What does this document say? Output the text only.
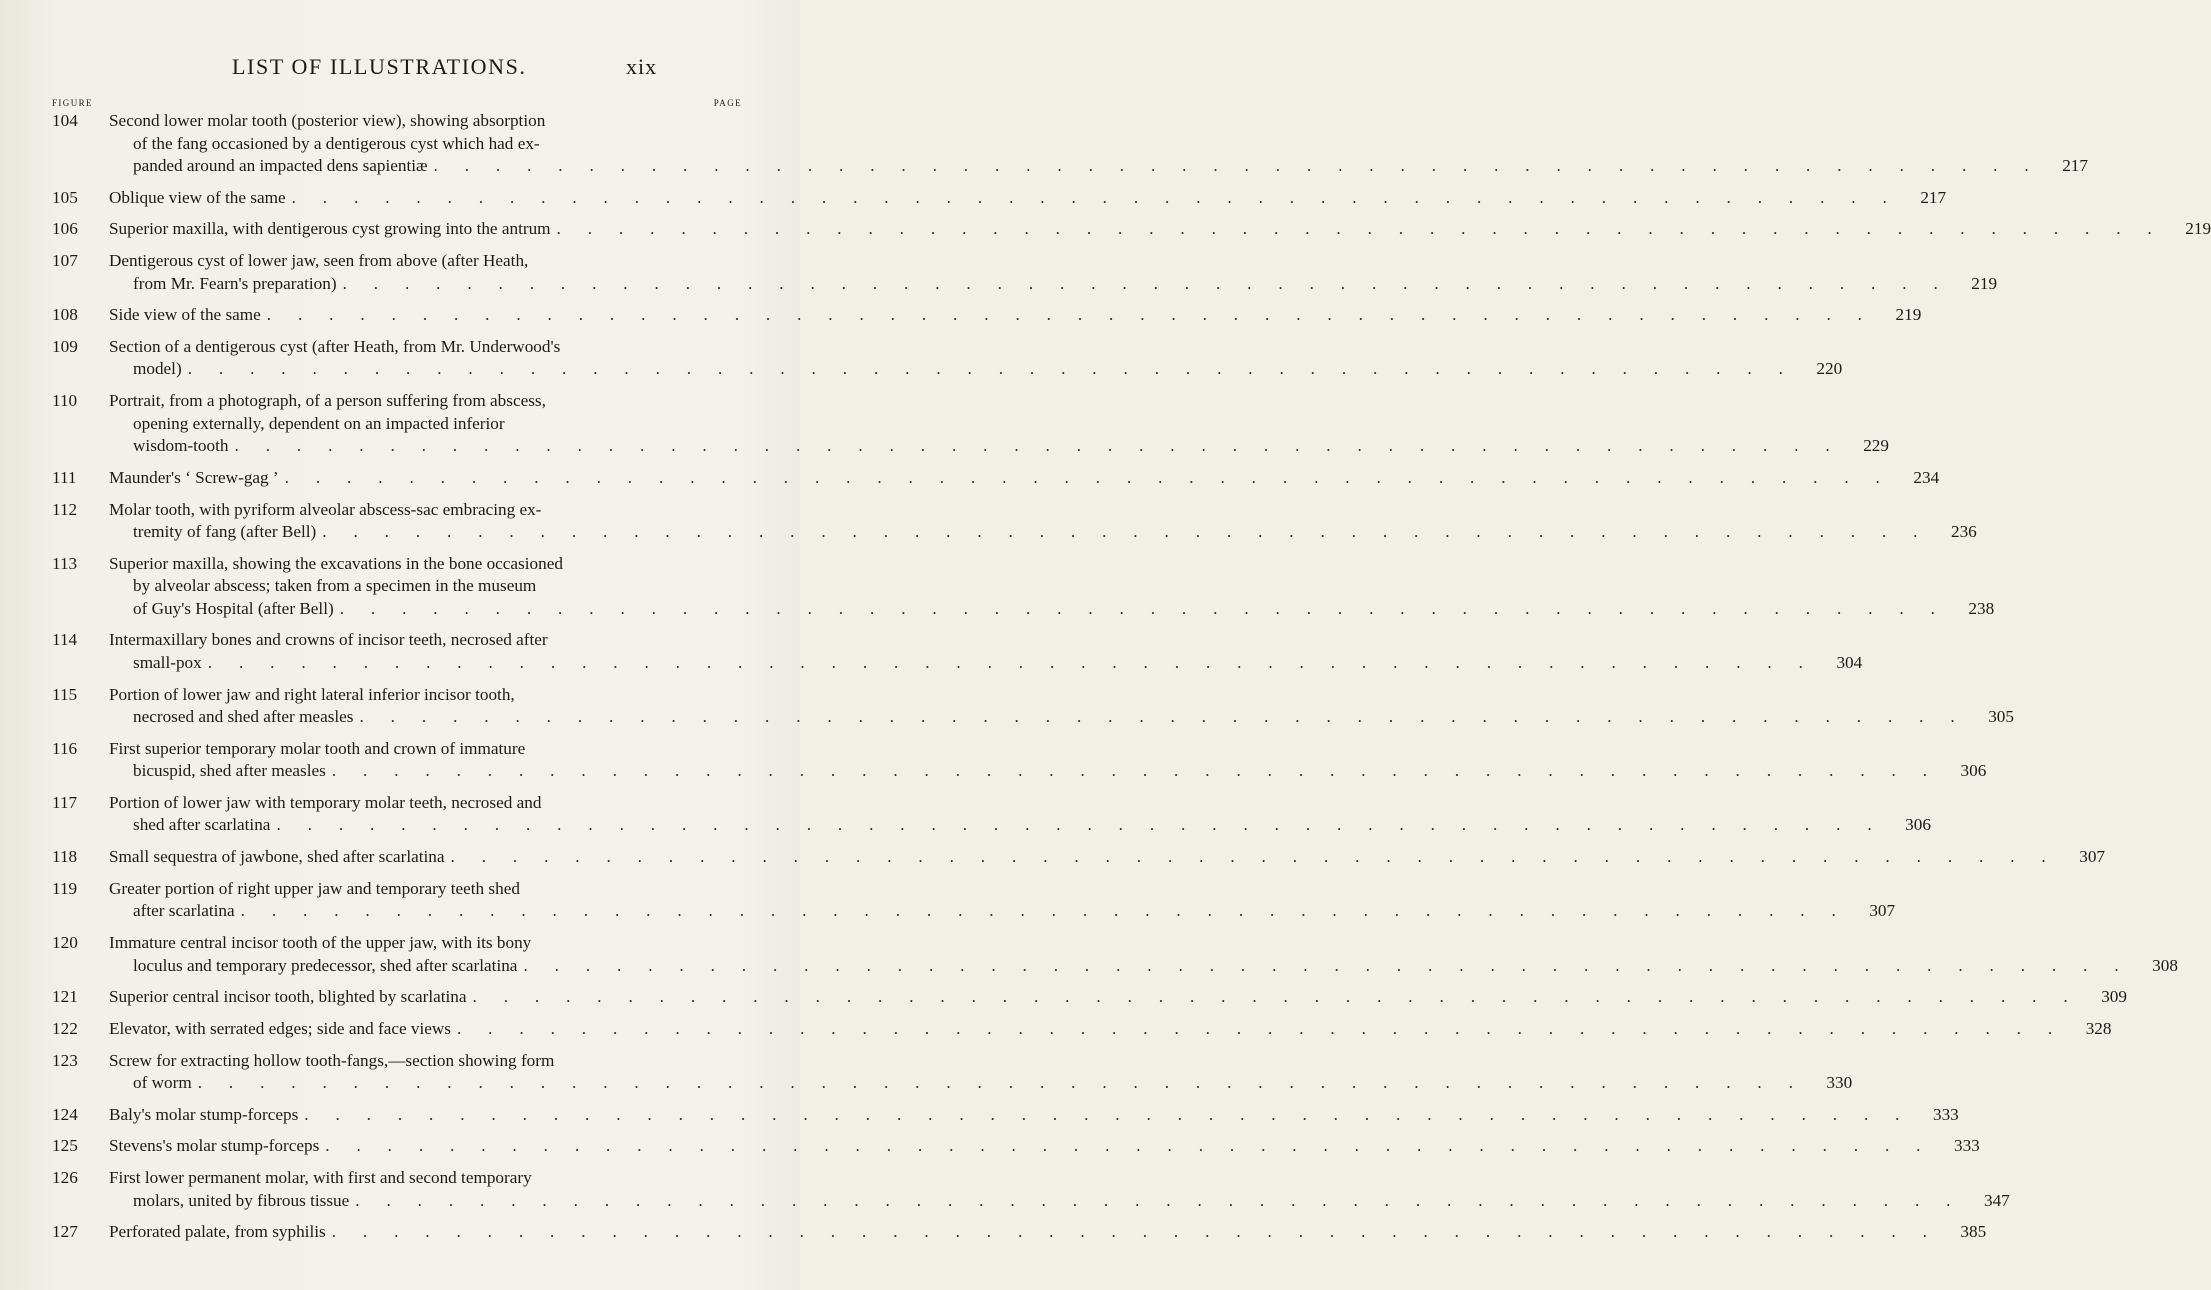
LIST OF ILLUSTRATIONS.	xix
FIGURE	PAGE
104	Second lower molar tooth (posterior view), showing absorption
of the fang occasioned by a dentigerous cyst which had ex-
panded around an impacted dens sapientiæ . . .	217
105	Oblique view of the same . . .	217
106	Superior maxilla, with dentigerous cyst growing into the antrum . . .	219
107	Dentigerous cyst of lower jaw, seen from above (after Heath,
from Mr. Fearn's preparation) . . .	219
108	Side view of the same . . .	219
109	Section of a dentigerous cyst (after Heath, from Mr. Underwood's
model) . . .	220
110	Portrait, from a photograph, of a person suffering from abscess,
opening externally, dependent on an impacted inferior
wisdom-tooth . . .	229
111	Maunder's ‘ Screw-gag ’ . . .	234
112	Molar tooth, with pyriform alveolar abscess-sac embracing ex-
tremity of fang (after Bell) . . .	236
113	Superior maxilla, showing the excavations in the bone occasioned
by alveolar abscess; taken from a specimen in the museum
of Guy's Hospital (after Bell) . . .	238
114	Intermaxillary bones and crowns of incisor teeth, necrosed after
small-pox . . .	304
115	Portion of lower jaw and right lateral inferior incisor tooth,
necrosed and shed after measles . . .	305
116	First superior temporary molar tooth and crown of immature
bicuspid, shed after measles . . .	306
117	Portion of lower jaw with temporary molar teeth, necrosed and
shed after scarlatina . . .	306
118	Small sequestra of jawbone, shed after scarlatina . . .	307
119	Greater portion of right upper jaw and temporary teeth shed
after scarlatina . . .	307
120	Immature central incisor tooth of the upper jaw, with its bony
loculus and temporary predecessor, shed after scarlatina . . .	308
121	Superior central incisor tooth, blighted by scarlatina . . .	309
122	Elevator, with serrated edges; side and face views . . .	328
123	Screw for extracting hollow tooth-fangs,—section showing form
of worm . . .	330
124	Baly's molar stump-forceps . . .	333
125	Stevens's molar stump-forceps . . .	333
126	First lower permanent molar, with first and second temporary
molars, united by fibrous tissue . . .	347
127	Perforated palate, from syphilis . . .	385
